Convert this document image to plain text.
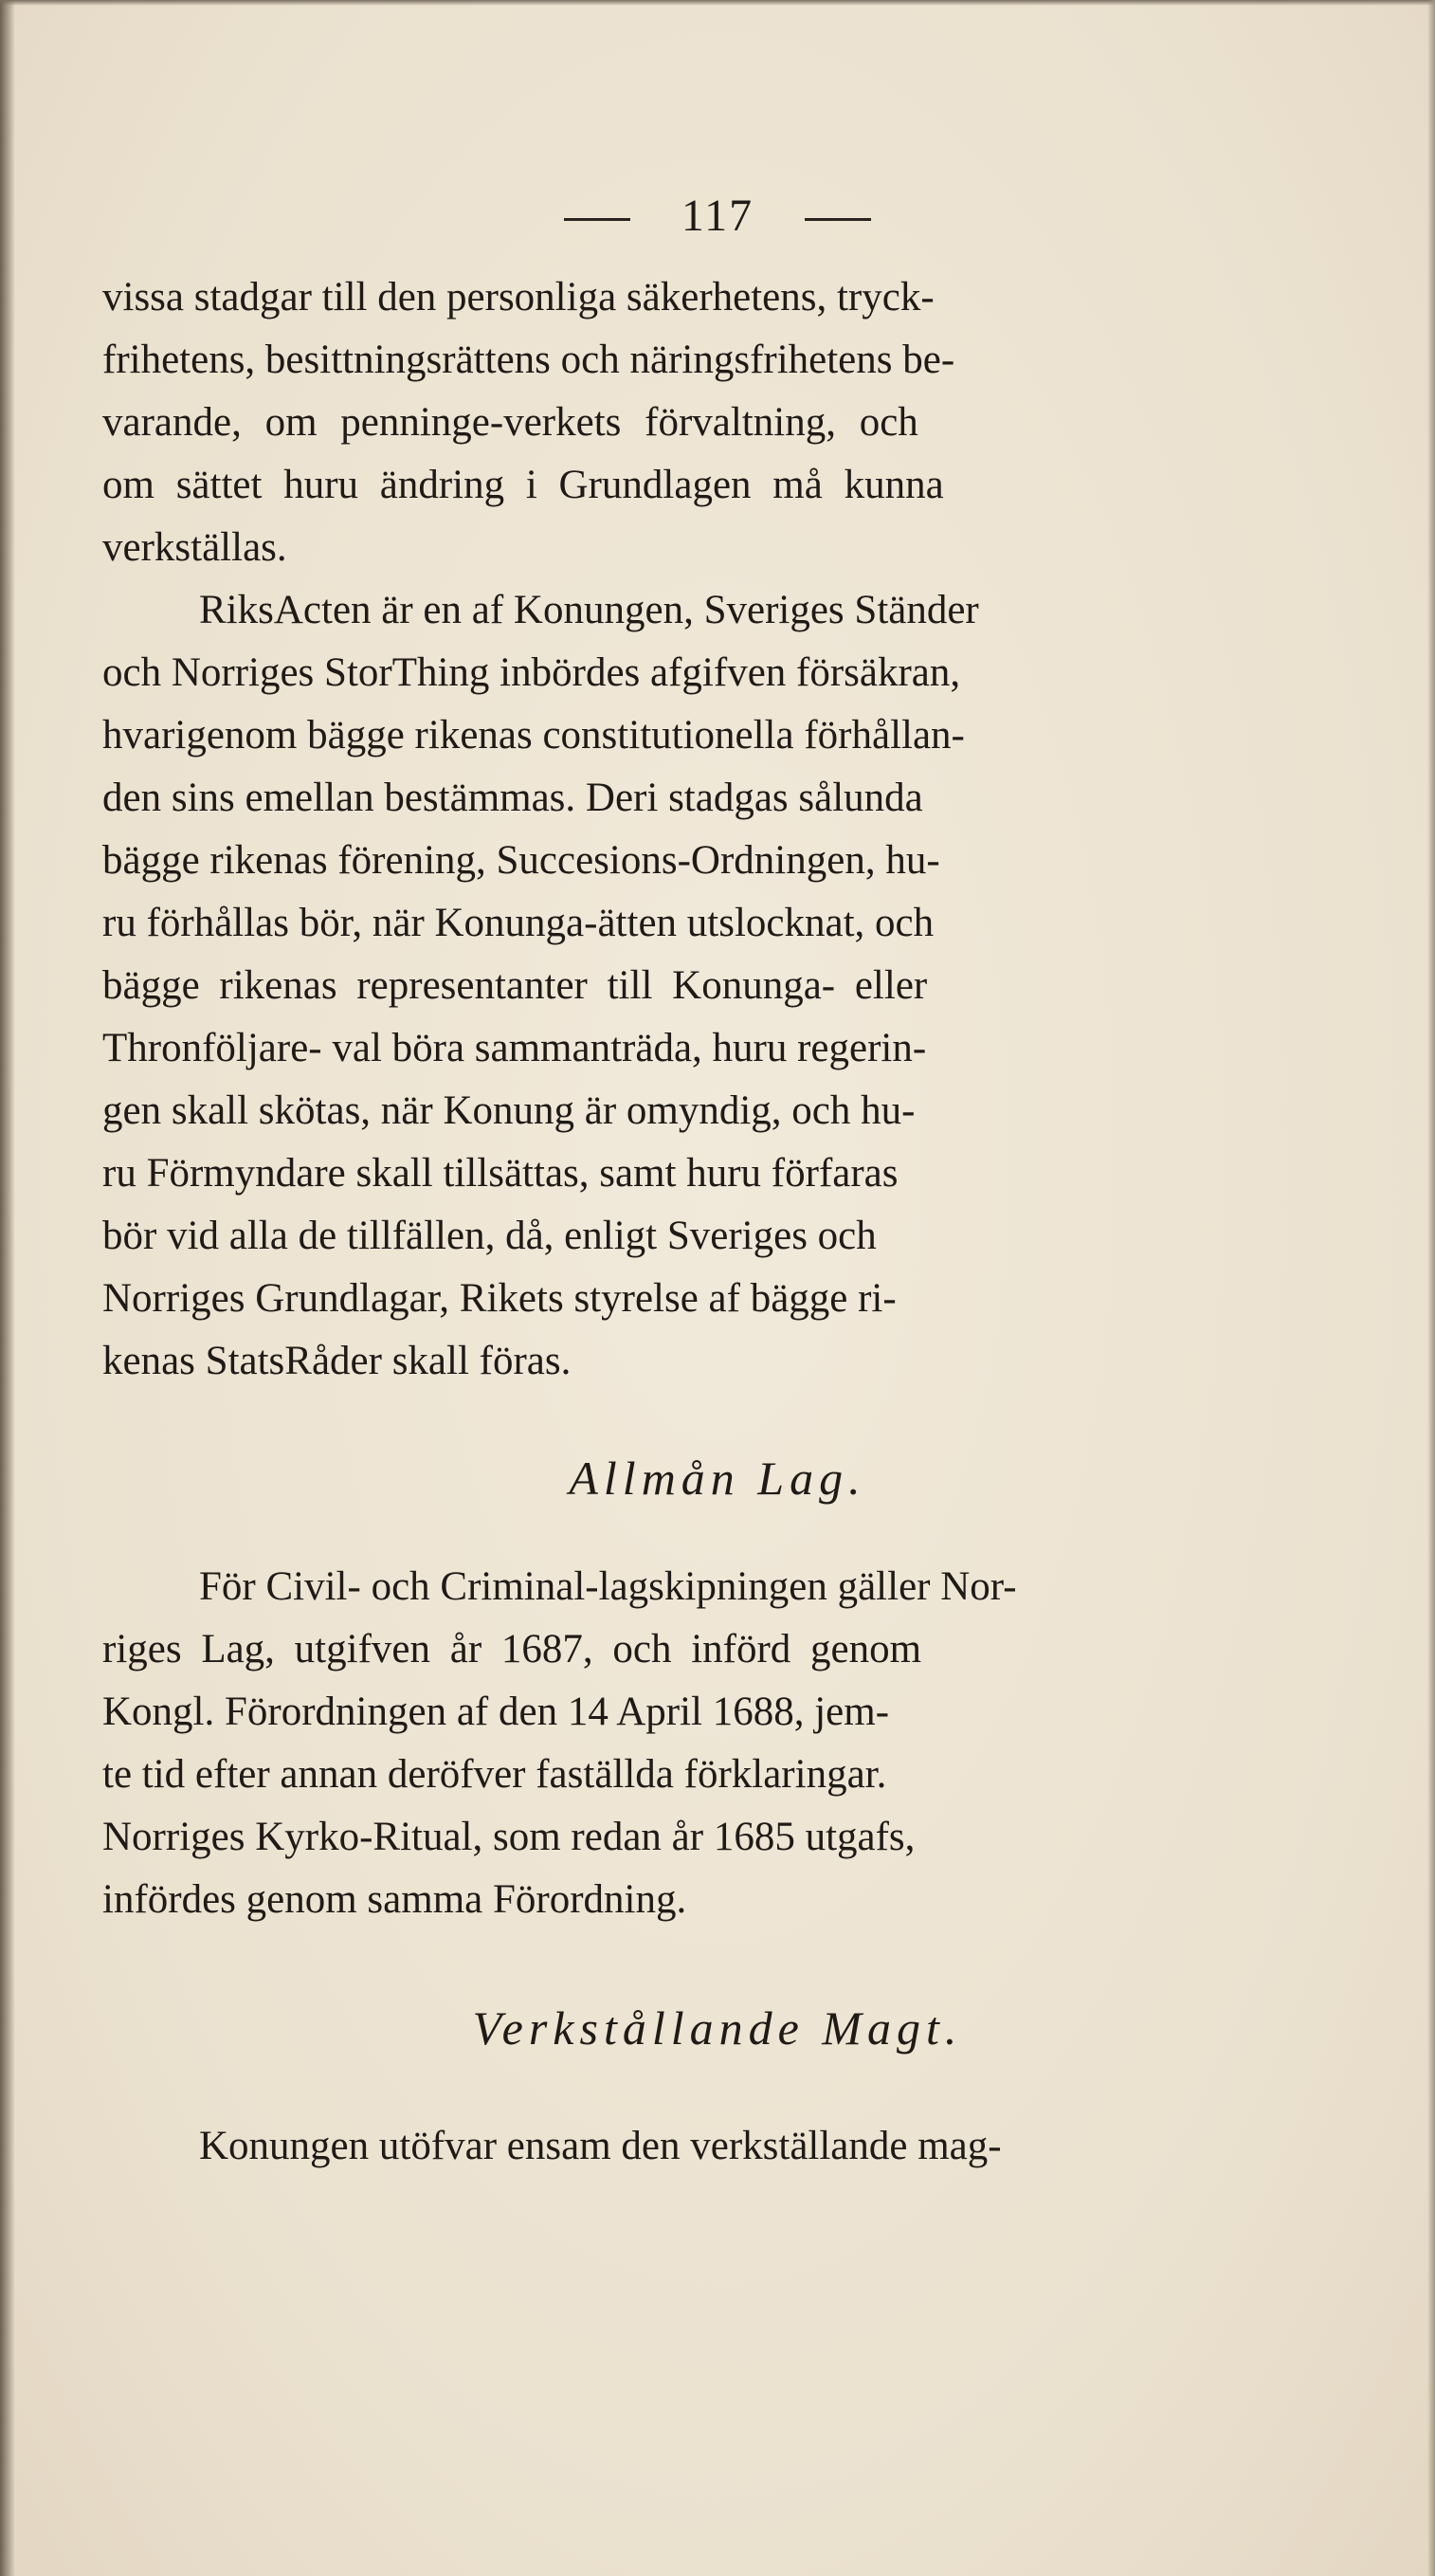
117
vissa stadgar till den personliga säkerhetens, tryck-
frihetens, besittningsrättens och näringsfrihetens be-
varande, om penninge-verkets förvaltning, och
om sättet huru ändring i Grundlagen må kunna
verkställas.
RiksActen är en af Konungen, Sveriges Ständer
och Norriges StorThing inbördes afgifven försäkran,
hvarigenom bägge rikenas constitutionella förhållan-
den sins emellan bestämmas. Deri stadgas sålunda
bägge rikenas förening, Succesions-Ordningen, hu-
ru förhållas bör, när Konunga-ätten utslocknat, och
bägge rikenas representanter till Konunga- eller
Thronföljare- val böra sammanträda, huru regerin-
gen skall skötas, när Konung är omyndig, och hu-
ru Förmyndare skall tillsättas, samt huru förfaras
bör vid alla de tillfällen, då, enligt Sveriges och
Norriges Grundlagar, Rikets styrelse af bägge ri-
kenas StatsRåder skall föras.
Allmån Lag.
För Civil- och Criminal-lagskipningen gäller Nor-
riges Lag, utgifven år 1687, och införd genom
Kongl. Förordningen af den 14 April 1688, jem-
te tid efter annan deröfver faställda förklaringar.
Norriges Kyrko-Ritual, som redan år 1685 utgafs,
infördes genom samma Förordning.
Verkstållande Magt.
Konungen utöfvar ensam den verkställande mag-
